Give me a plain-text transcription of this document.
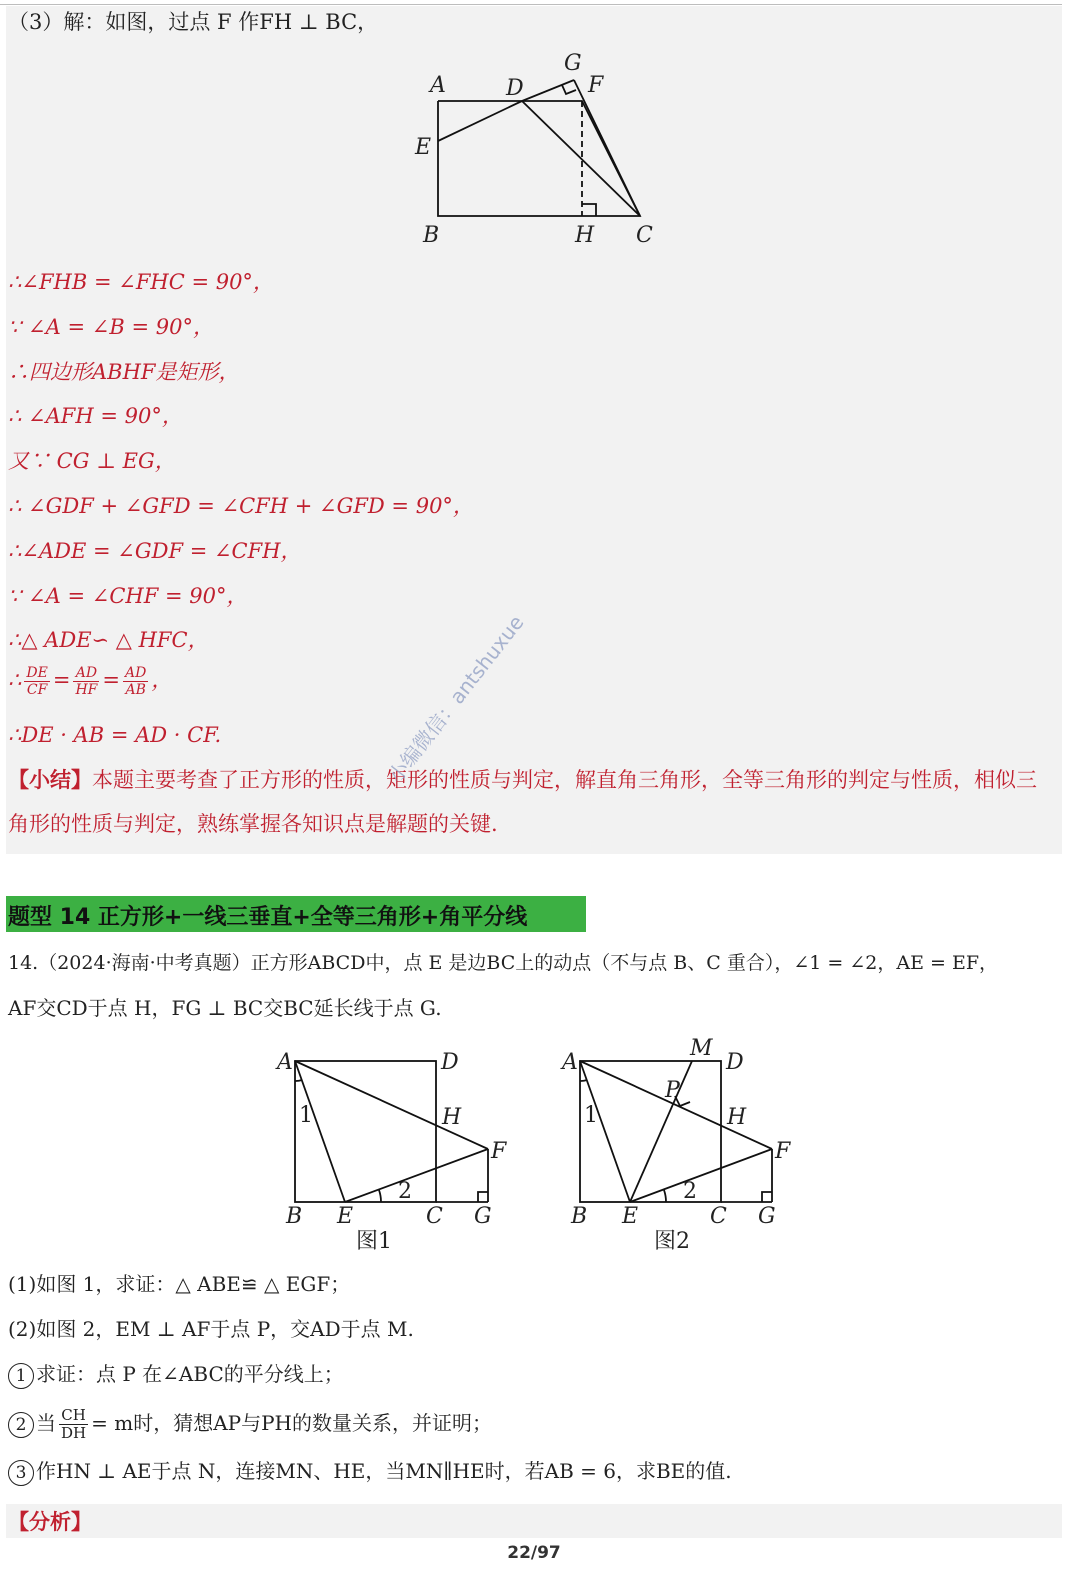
（3）解：如图，过点 F 作FH ⊥ BC，
A	D
G
F
E
B	H C
∴∠FHB = ∠FHC = 90°，
∵ ∠A = ∠B = 90°，
∴四边形ABHF是矩形，
∴ ∠AFH = 90°，
又∵ CG ⊥ EG，
∴ ∠GDF + ∠GFD = ∠CFH + ∠GFD = 90°，
∴∠ADE = ∠GDF = ∠CFH，
∵ ∠A = ∠CHF = 90°，
∴△ ADE∽ △ HFC，
∴ $\frac{DE}{CF} = \frac{AD}{HF} = \frac{AD}{AB}$ ，
∴DE · AB = AD · CF.
【小结】本题主要考查了正方形的性质，矩形的性质与判定，解直角三角形，全等三角形的判定与性质，相似三角形的性质与判定，熟练掌握各知识点是解题的关键.
小编微信：antshuxue
题型 14 正方形+一线三垂直+全等三角形+角平分线
14.（2024·海南·中考真题）正方形ABCD中，点 E 是边BC上的动点（不与点 B、C 重合），∠1 = ∠2，AE = EF，
AF交CD于点 H，FG ⊥ BC交BC延长线于点 G.
A	D
H
F
1
2
B E	C G
图1
A
M
D
P
H
F
1
2
B E	C G
图2
(1)如图 1，求证：△ ABE≌ △ EGF；
(2)如图 2，EM ⊥ AF于点 P，交AD于点 M.
1 求证：点 P 在∠ABC的平分线上；
2 当 $\frac{CH}{DH} = m$时，猜想AP与PH的数量关系，并证明；
3 作HN ⊥ AE于点 N，连接MN、HE，当MN∥HE时，若AB = 6，求BE的值.
【分析】
22/97
